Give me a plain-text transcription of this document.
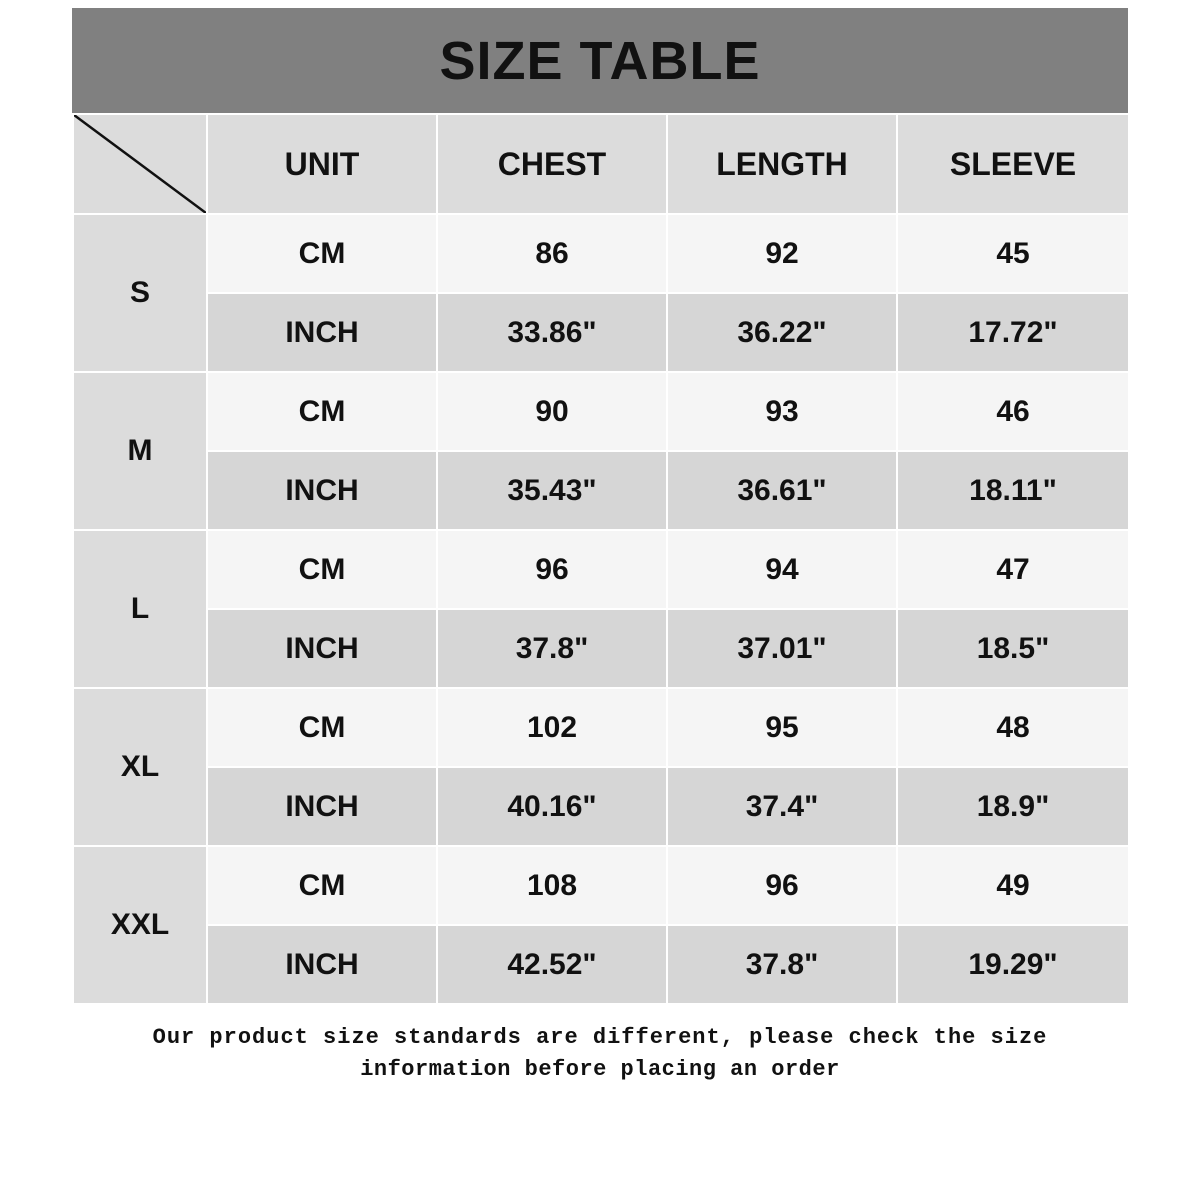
SIZE TABLE
	UNIT	CHEST	LENGTH	SLEEVE
S	CM	86	92	45
	INCH	33.86"	36.22"	17.72"
M	CM	90	93	46
	INCH	35.43"	36.61"	18.11"
L	CM	96	94	47
	INCH	37.8"	37.01"	18.5"
XL	CM	102	95	48
	INCH	40.16"	37.4"	18.9"
XXL	CM	108	96	49
	INCH	42.52"	37.8"	19.29"
Our product size standards are different, please check the size
information before placing an order
